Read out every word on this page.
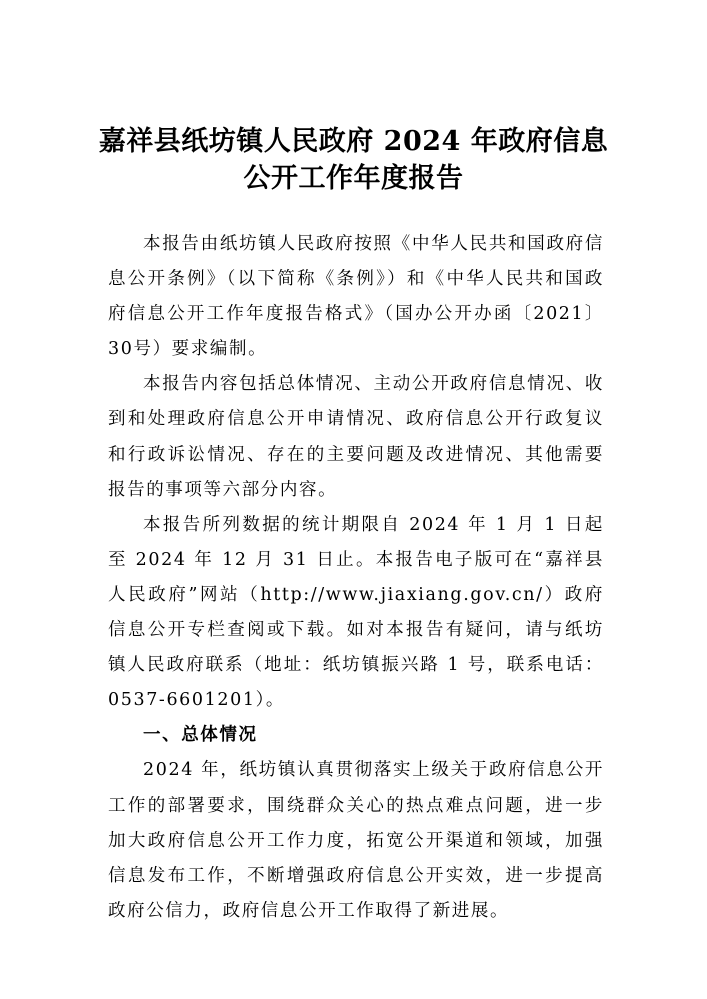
嘉祥县纸坊镇人民政府 2024 年政府信息
公开工作年度报告

本报告由纸坊镇人民政府按照《中华人民共和国政府信息公开条例》（以下简称《条例》）和《中华人民共和国政府信息公开工作年度报告格式》（国办公开办函〔2021〕30号）要求编制。

本报告内容包括总体情况、主动公开政府信息情况、收到和处理政府信息公开申请情况、政府信息公开行政复议和行政诉讼情况、存在的主要问题及改进情况、其他需要报告的事项等六部分内容。

本报告所列数据的统计期限自 2024 年 1 月 1 日起至 2024 年 12 月 31 日止。本报告电子版可在“嘉祥县人民政府”网站（http://www.jiaxiang.gov.cn/）政府信息公开专栏查阅或下载。如对本报告有疑问，请与纸坊镇人民政府联系（地址：纸坊镇振兴路 1 号，联系电话：0537-6601201）。

一、总体情况

2024 年，纸坊镇认真贯彻落实上级关于政府信息公开工作的部署要求，围绕群众关心的热点难点问题，进一步加大政府信息公开工作力度，拓宽公开渠道和领域，加强信息发布工作，不断增强政府信息公开实效，进一步提高政府公信力，政府信息公开工作取得了新进展。
